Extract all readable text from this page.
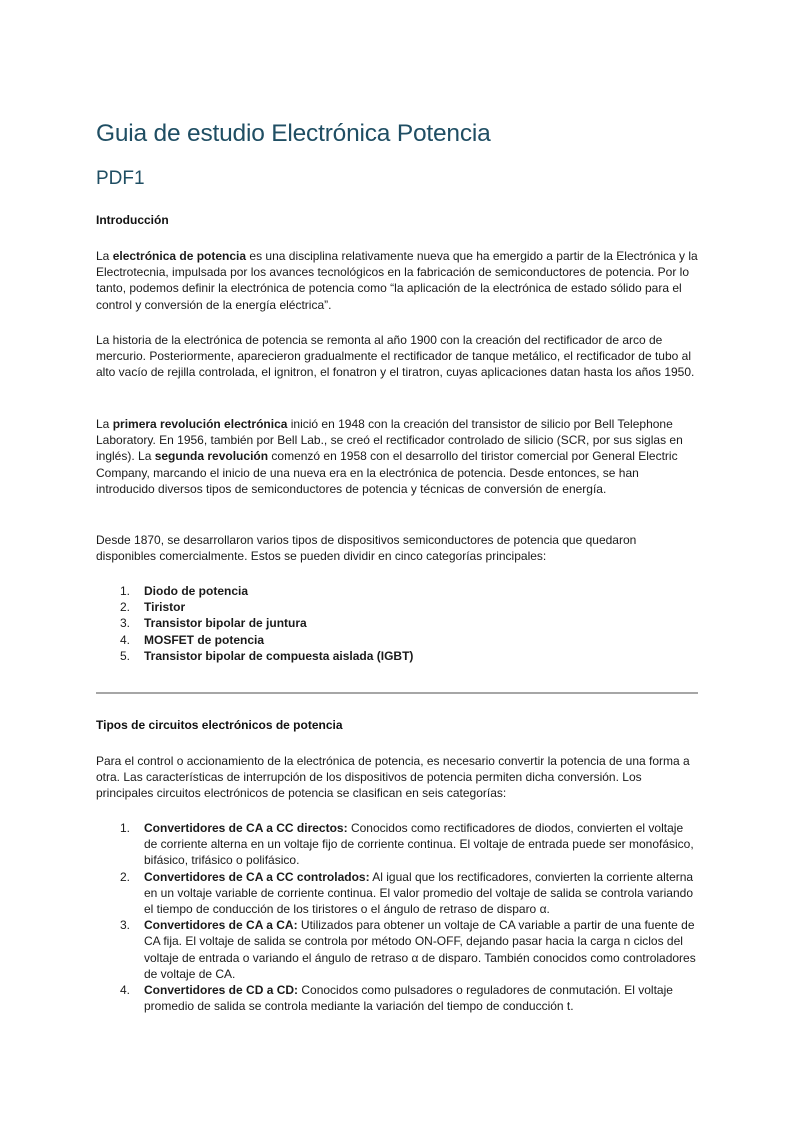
Guia de estudio Electrónica Potencia
PDF1
Introducción

La electrónica de potencia es una disciplina relativamente nueva que ha emergido a partir de la Electrónica y la Electrotecnia, impulsada por los avances tecnológicos en la fabricación de semiconductores de potencia. Por lo tanto, podemos definir la electrónica de potencia como “la aplicación de la electrónica de estado sólido para el control y conversión de la energía eléctrica”.

La historia de la electrónica de potencia se remonta al año 1900 con la creación del rectificador de arco de mercurio. Posteriormente, aparecieron gradualmente el rectificador de tanque metálico, el rectificador de tubo al alto vacío de rejilla controlada, el ignitron, el fonatron y el tiratron, cuyas aplicaciones datan hasta los años 1950.

La primera revolución electrónica inició en 1948 con la creación del transistor de silicio por Bell Telephone Laboratory. En 1956, también por Bell Lab., se creó el rectificador controlado de silicio (SCR, por sus siglas en inglés). La segunda revolución comenzó en 1958 con el desarrollo del tiristor comercial por General Electric Company, marcando el inicio de una nueva era en la electrónica de potencia. Desde entonces, se han introducido diversos tipos de semiconductores de potencia y técnicas de conversión de energía.

Desde 1870, se desarrollaron varios tipos de dispositivos semiconductores de potencia que quedaron disponibles comercialmente. Estos se pueden dividir en cinco categorías principales:

1. Diodo de potencia
2. Tiristor
3. Transistor bipolar de juntura
4. MOSFET de potencia
5. Transistor bipolar de compuesta aislada (IGBT)
Tipos de circuitos electrónicos de potencia

Para el control o accionamiento de la electrónica de potencia, es necesario convertir la potencia de una forma a otra. Las características de interrupción de los dispositivos de potencia permiten dicha conversión. Los principales circuitos electrónicos de potencia se clasifican en seis categorías:

1. Convertidores de CA a CC directos: Conocidos como rectificadores de diodos, convierten el voltaje de corriente alterna en un voltaje fijo de corriente continua. El voltaje de entrada puede ser monofásico, bifásico, trifásico o polifásico.
2. Convertidores de CA a CC controlados: Al igual que los rectificadores, convierten la corriente alterna en un voltaje variable de corriente continua. El valor promedio del voltaje de salida se controla variando el tiempo de conducción de los tiristores o el ángulo de retraso de disparo α.
3. Convertidores de CA a CA: Utilizados para obtener un voltaje de CA variable a partir de una fuente de CA fija. El voltaje de salida se controla por método ON-OFF, dejando pasar hacia la carga n ciclos del voltaje de entrada o variando el ángulo de retraso α de disparo. También conocidos como controladores de voltaje de CA.
4. Convertidores de CD a CD: Conocidos como pulsadores o reguladores de conmutación. El voltaje promedio de salida se controla mediante la variación del tiempo de conducción t.
